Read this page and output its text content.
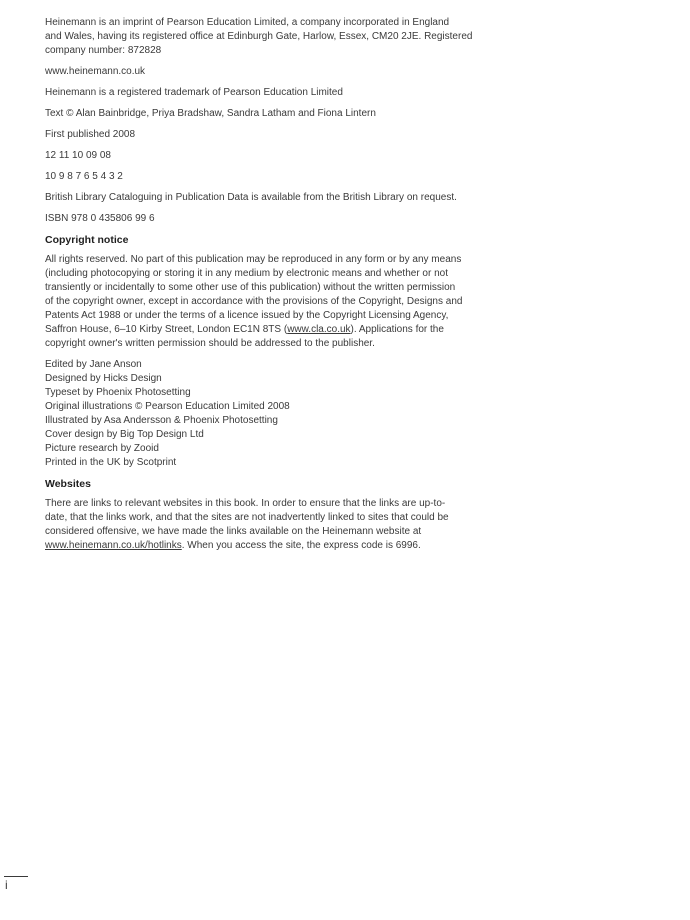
Heinemann is an imprint of Pearson Education Limited, a company incorporated in England
and Wales, having its registered office at Edinburgh Gate, Harlow, Essex, CM20 2JE. Registered
company number: 872828

www.heinemann.co.uk

Heinemann is a registered trademark of Pearson Education Limited

Text © Alan Bainbridge, Priya Bradshaw, Sandra Latham and Fiona Lintern

First published 2008

12 11 10 09 08

10 9 8 7 6 5 4 3 2

British Library Cataloguing in Publication Data is available from the British Library on request.

ISBN 978 0 435806 99 6

Copyright notice

All rights reserved. No part of this publication may be reproduced in any form or by any means
(including photocopying or storing it in any medium by electronic means and whether or not
transiently or incidentally to some other use of this publication) without the written permission
of the copyright owner, except in accordance with the provisions of the Copyright, Designs and
Patents Act 1988 or under the terms of a licence issued by the Copyright Licensing Agency,
Saffron House, 6–10 Kirby Street, London EC1N 8TS (www.cla.co.uk). Applications for the
copyright owner's written permission should be addressed to the publisher.

Edited by Jane Anson
Designed by Hicks Design
Typeset by Phoenix Photosetting
Original illustrations © Pearson Education Limited 2008
Illustrated by Asa Andersson & Phoenix Photosetting
Cover design by Big Top Design Ltd
Picture research by Zooid
Printed in the UK by Scotprint

Websites

There are links to relevant websites in this book. In order to ensure that the links are up-to-
date, that the links work, and that the sites are not inadvertently linked to sites that could be
considered offensive, we have made the links available on the Heinemann website at
www.heinemann.co.uk/hotlinks. When you access the site, the express code is 6996.

i
